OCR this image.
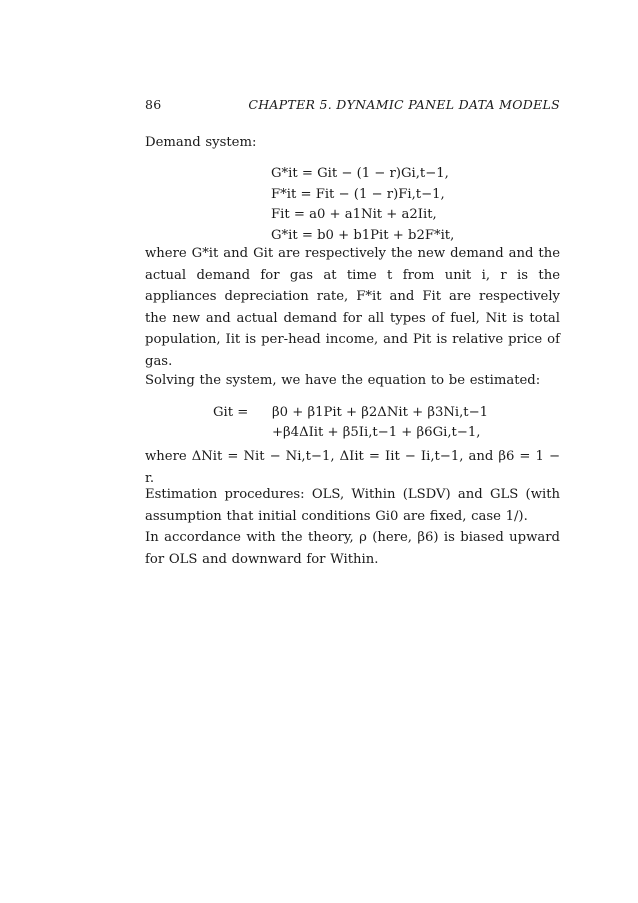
86	CHAPTER 5. DYNAMIC PANEL DATA MODELS
Demand system:
G*it = Git − (1 − r)Gi,t−1,
F*it = Fit − (1 − r)Fi,t−1,
Fit = a0 + a1Nit + a2Iit,
G*it = b0 + b1Pit + b2F*it,
where G*it and Git are respectively the new demand and the actual demand for gas at time t from unit i, r is the appliances depreciation rate, F*it and Fit are respectively the new and actual demand for all types of fuel, Nit is total population, Iit is per-head income, and Pit is relative price of gas.
Solving the system, we have the equation to be estimated:
Git = β0 + β1Pit + β2ΔNit + β3Ni,t−1
+β4ΔIit + β5Ii,t−1 + β6Gi,t−1,
where ΔNit = Nit − Ni,t−1, ΔIit = Iit − Ii,t−1, and β6 = 1 − r.
Estimation procedures: OLS, Within (LSDV) and GLS (with assumption that initial conditions Gi0 are fixed, case 1/).
In accordance with the theory, ρ (here, β6) is biased upward for OLS and downward for Within.
